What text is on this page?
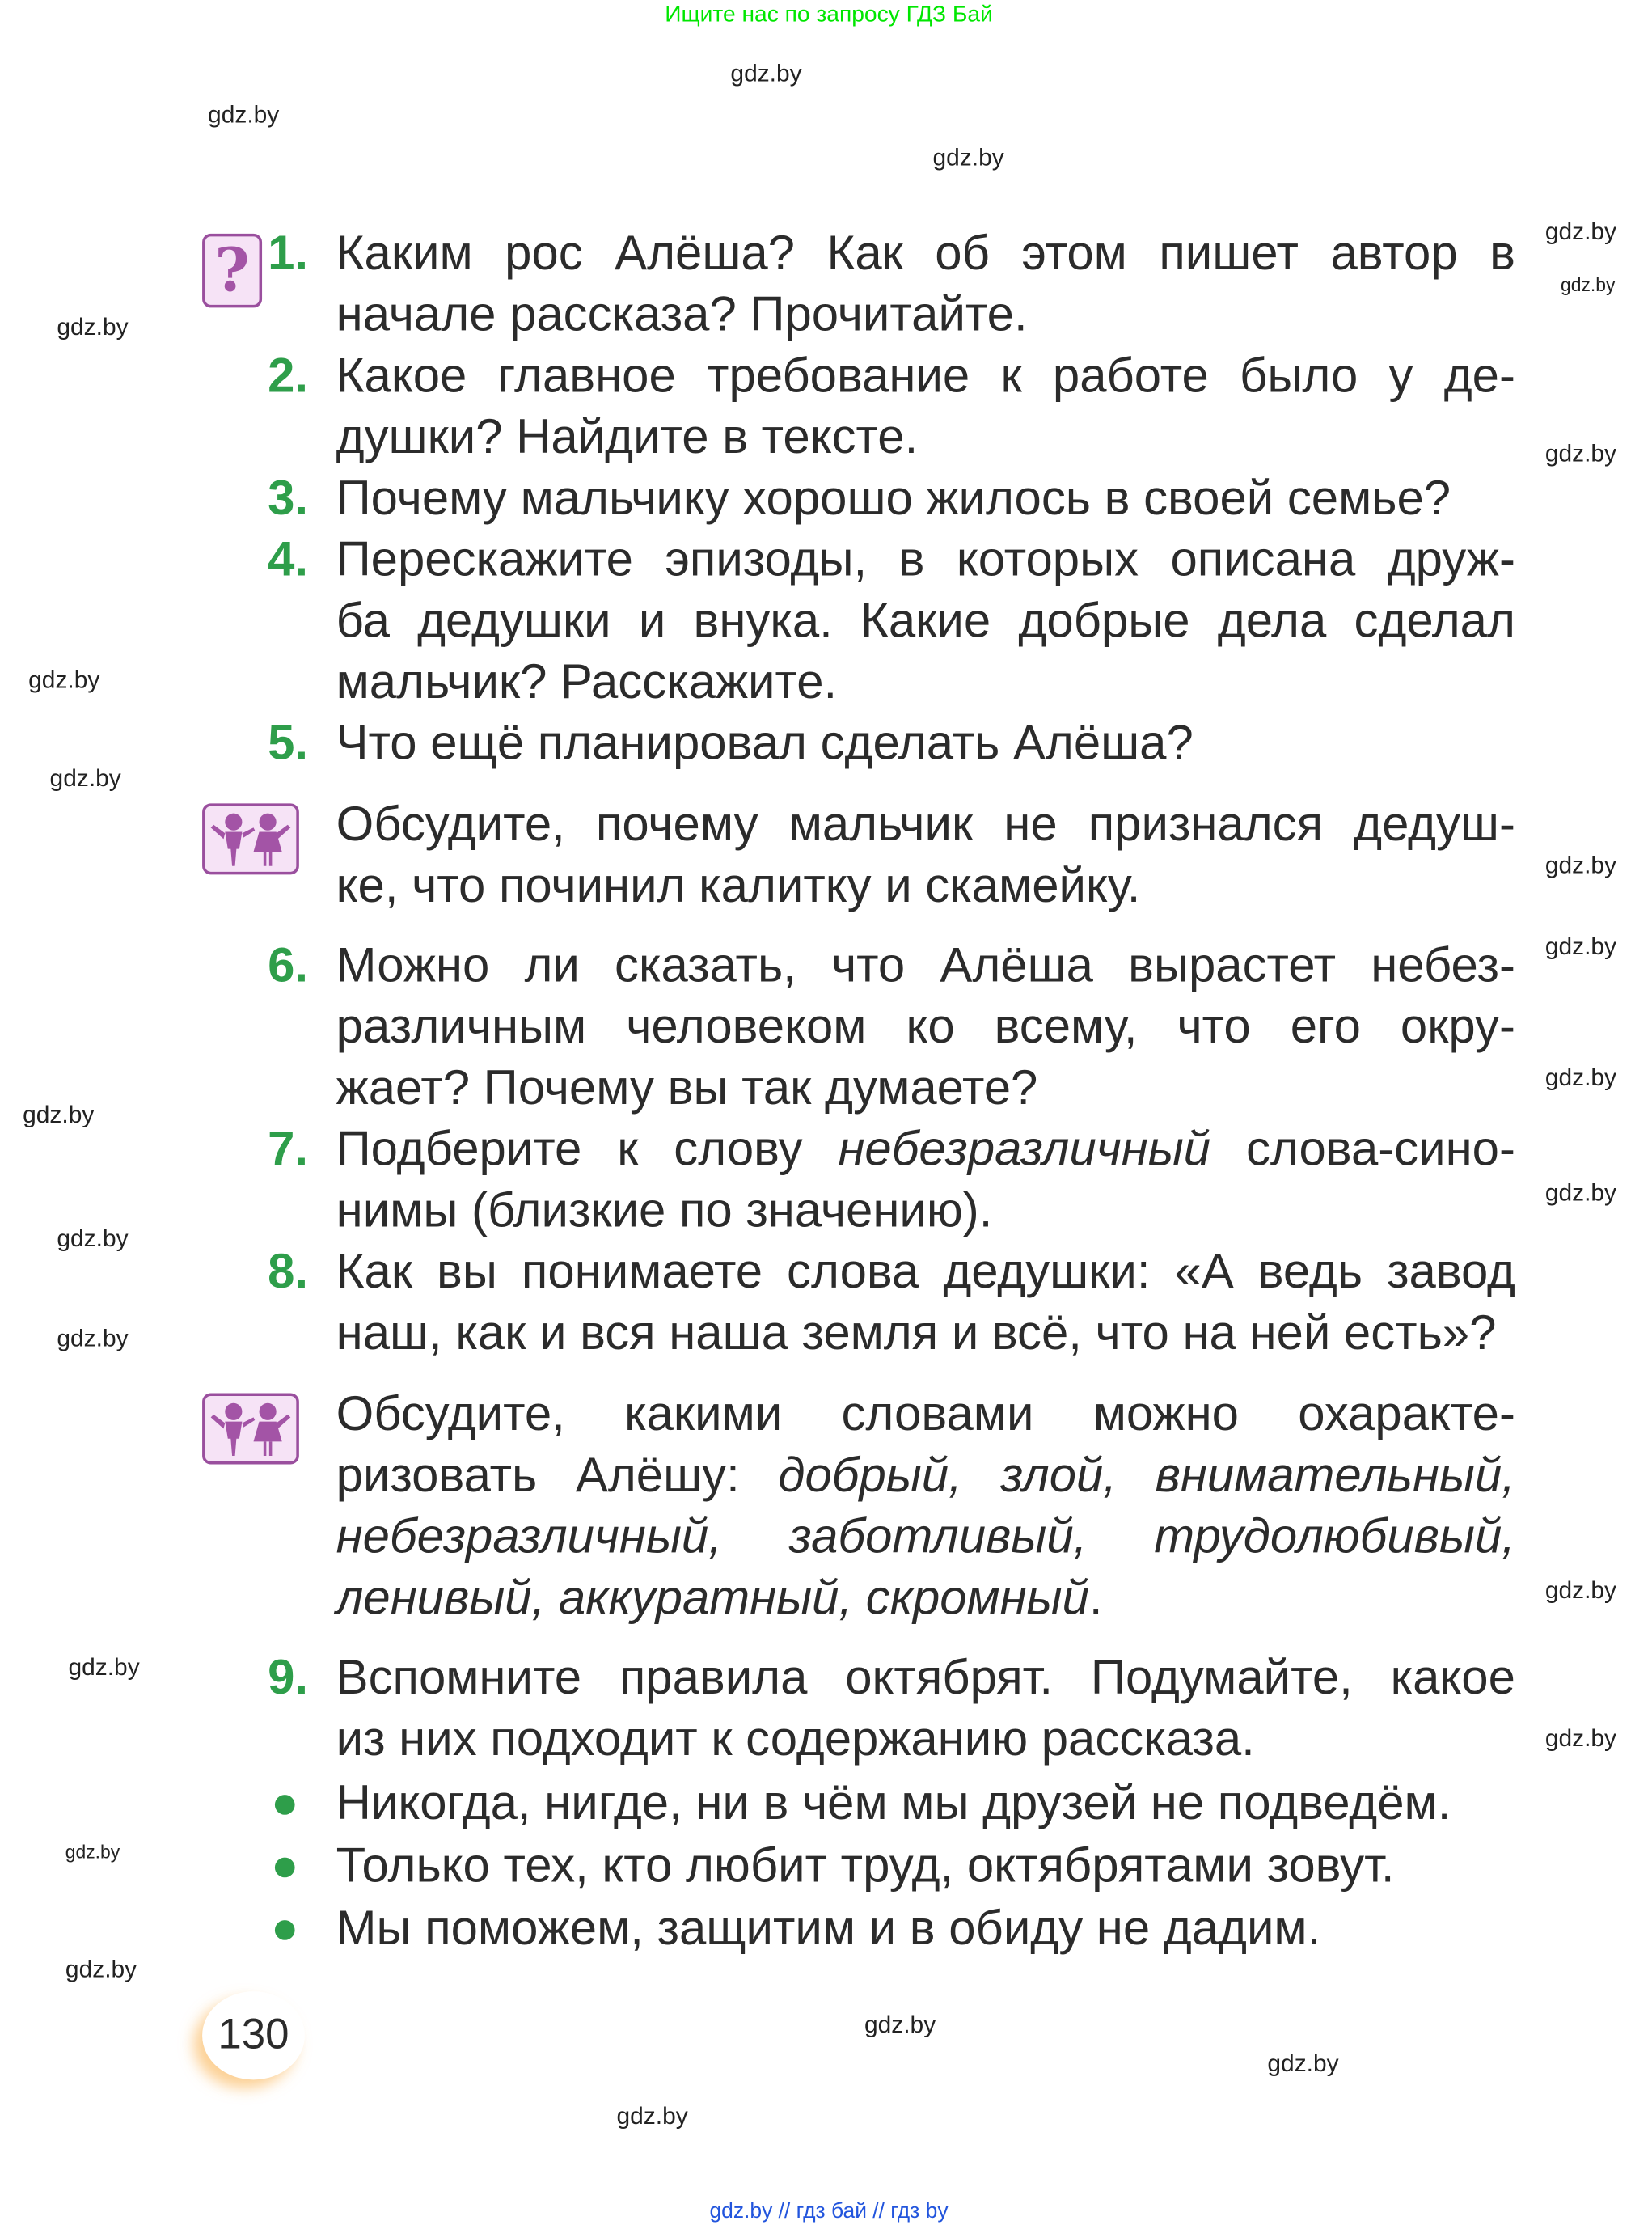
Ищите нас по запросу ГДЗ Бай
? 1.	Каким рос Алёша? Как об этом пишет автор в
начале рассказа? Прочитайте.
2.	Какое главное требование к работе было у де-
душки? Найдите в тексте.
3.	Почему мальчику хорошо жилось в своей семье?
4.	Перескажите эпизоды, в которых описана друж-
ба дедушки и внука. Какие добрые дела сделал
мальчик? Расскажите.
5.	Что ещё планировал сделать Алёша?
Обсудите, почему мальчик не признался дедуш-
ке, что починил калитку и скамейку.
6.	Можно ли сказать, что Алёша вырастет небез-
различным человеком ко всему, что его окру-
жает? Почему вы так думаете?
7.	Подберите к слову небезразличный слова-сино-
нимы (близкие по значению).
8.	Как вы понимаете слова дедушки: «А ведь завод
наш, как и вся наша земля и всё, что на ней есть»?
Обсудите, какими словами можно охаракте-
ризовать Алёшу: добрый, злой, внимательный,
небезразличный, заботливый, трудолюбивый,
ленивый, аккуратный, скромный.
9.	Вспомните правила октябрят. Подумайте, какое
из них подходит к содержанию рассказа.
Никогда, нигде, ни в чём мы друзей не подведём.
Только тех, кто любит труд, октябрятами зовут.
Мы поможем, защитим и в обиду не дадим.
gdz.by
gdz.by
gdz.by
gdz.by
gdz.by
gdz.by
gdz.by
gdz.by
gdz.by
gdz.by
gdz.by
gdz.by
gdz.by
gdz.by
gdz.by
gdz.by
gdz.by
gdz.by
gdz.by
gdz.by
gdz.by
gdz.by
gdz.by
gdz.by
130
gdz.by // гдз бай // гдз by
